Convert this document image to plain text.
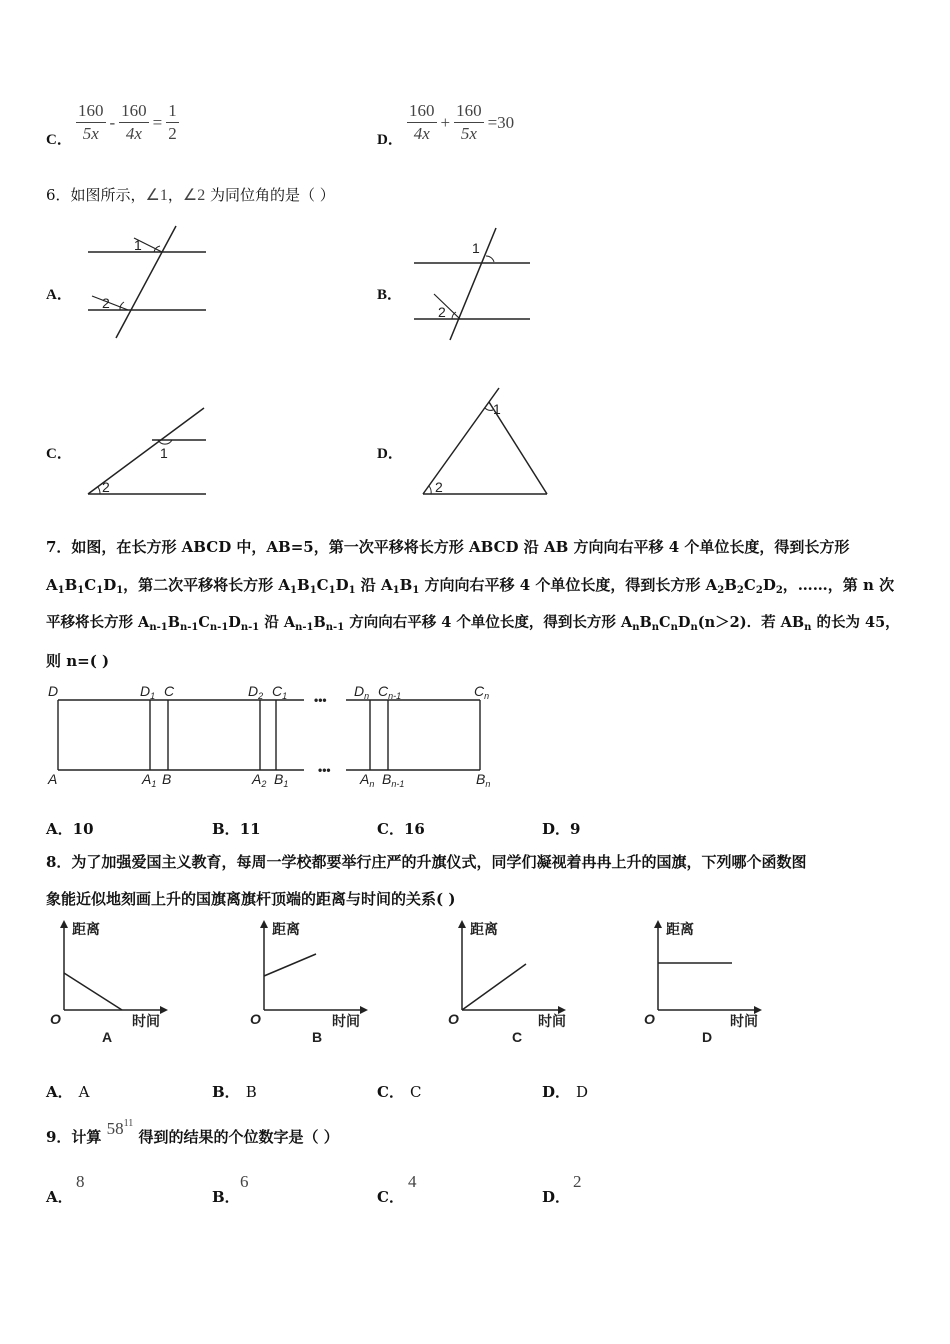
C． $\frac{160}{5x} - \frac{160}{4x} = \frac{1}{2}$	D． $\frac{160}{4x} + \frac{160}{5x} =30$
6．如图所示，∠1，∠2 为同位角的是（ ）
A．
1
2	B．
1
2
C．	1
2
D．
1
2
7．如图，在长方形 ABCD 中，AB=5，第一次平移将长方形 ABCD 沿 AB 方向向右平移 4 个单位长度，得到长方形
$A_1B_1C_1D_1$，第二次平移将长方形 $A_1B_1C_1D_1$ 沿 $A_1B_1$ 方向向右平移 4 个单位长度，得到长方形 $A_2B_2C_2D_2$，……，第 n 次
平移将长方形 $A_{n-1}B_{n-1}C_{n-1}D_{n-1}$ 沿 $A_{n-1}B_{n-1}$ 方向向右平移 4 个单位长度，得到长方形 $A_nB_nC_nD_n(n>2)$．若 $AB_n$ 的长为 45，
则 n=( )
D	$D_1$ C	$D_2$ $C_1$	$D_n$ $C_{n-1}$	$C_n$
A	$A_1$ B	$A_2$ $B_1$	$A_n$ $B_{n-1}$	$B_n$
•••
•••
A．10	B．11	C．16	D．9
8．为了加强爱国主义教育，每周一学校都要举行庄严的升旗仪式，同学们凝视着冉冉上升的国旗，下列哪个函数图
象能近似地刻画上升的国旗离旗杆顶端的距离与时间的关系( )
距离
O	时间
A
距离
O	时间
B
距离
O	时间
C
距离
O	时间
D
A． A	B． B	C． C	D． D
9．计算 $58^{11}$ 得到的结果的个位数字是（ ）
A．
8
B．
6
C．
4
D．
2
